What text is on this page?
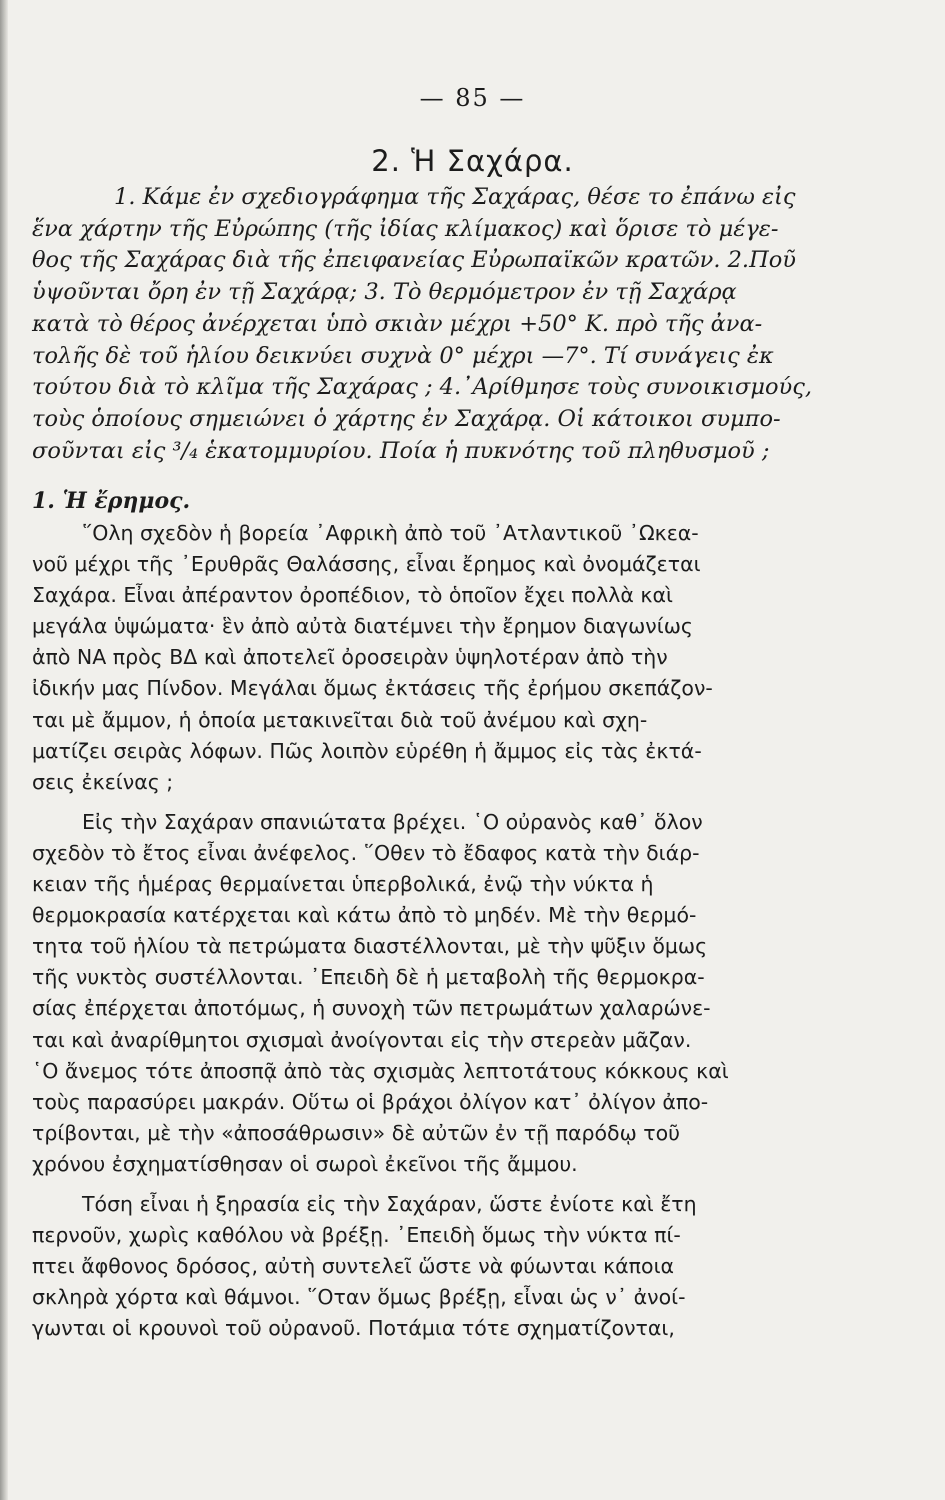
— 85 —
2. Ἡ Σαχάρα.
1. Κάμε ἐν σχεδιογράφημα τῆς Σαχάρας, θέσε το ἐπάνω εἰς
ἕνα χάρτην τῆς Εὐρώπης (τῆς ἰδίας κλίμακος) καὶ ὅρισε τὸ μέγε-
θος τῆς Σαχάρας διὰ τῆς ἐπειφανείας Εὐρωπαϊκῶν κρατῶν. 2.Ποῦ
ὑψοῦνται ὄρη ἐν τῇ Σαχάρᾳ; 3. Τὸ θερμόμετρον ἐν τῇ Σαχάρᾳ
κατὰ τὸ θέρος ἀνέρχεται ὑπὸ σκιὰν μέχρι +50° Κ. πρὸ τῆς ἀνα-
τολῆς δὲ τοῦ ἡλίου δεικνύει συχνὰ 0° μέχρι —7°. Τί συνάγεις ἐκ
τούτου διὰ τὸ κλῖμα τῆς Σαχάρας ; 4.᾽Αρίθμησε τοὺς συνοικισμούς,
τοὺς ὁποίους σημειώνει ὁ χάρτης ἐν Σαχάρᾳ. Οἱ κάτοικοι συμπο-
σοῦνται εἰς ³/₄ ἑκατομμυρίου. Ποία ἡ πυκνότης τοῦ πληθυσμοῦ ;
1. Ἡ ἔρημος.
῞Ολη σχεδὸν ἡ βορεία ᾽Αφρικὴ ἀπὸ τοῦ ᾽Ατλαντικοῦ ᾽Ωκεα-
νοῦ μέχρι τῆς ᾽Ερυθρᾶς Θαλάσσης, εἶναι ἔρημος καὶ ὀνομάζεται
Σαχάρα. Εἶναι ἀπέραντον ὀροπέδιον, τὸ ὁποῖον ἔχει πολλὰ καὶ
μεγάλα ὑψώματα· ἓν ἀπὸ αὐτὰ διατέμνει τὴν ἔρημον διαγωνίως
ἀπὸ ΝΑ πρὸς ΒΔ καὶ ἀποτελεῖ ὀροσειρὰν ὑψηλοτέραν ἀπὸ τὴν
ἰδικήν μας Πίνδον. Μεγάλαι ὅμως ἐκτάσεις τῆς ἐρήμου σκεπάζον-
ται μὲ ἄμμον, ἡ ὁποία μετακινεῖται διὰ τοῦ ἀνέμου καὶ σχη-
ματίζει σειρὰς λόφων. Πῶς λοιπὸν εὑρέθη ἡ ἄμμος εἰς τὰς ἐκτά-
σεις ἐκείνας ;
Εἰς τὴν Σαχάραν σπανιώτατα βρέχει. ῾Ο οὐρανὸς καθ᾽ ὅλον
σχεδὸν τὸ ἔτος εἶναι ἀνέφελος. ῞Οθεν τὸ ἔδαφος κατὰ τὴν διάρ-
κειαν τῆς ἡμέρας θερμαίνεται ὑπερβολικά, ἐνῷ τὴν νύκτα ἡ
θερμοκρασία κατέρχεται καὶ κάτω ἀπὸ τὸ μηδέν. Μὲ τὴν θερμό-
τητα τοῦ ἡλίου τὰ πετρώματα διαστέλλονται, μὲ τὴν ψῦξιν ὅμως
τῆς νυκτὸς συστέλλονται. ᾽Επειδὴ δὲ ἡ μεταβολὴ τῆς θερμοκρα-
σίας ἐπέρχεται ἀποτόμως, ἡ συνοχὴ τῶν πετρωμάτων χαλαρώνε-
ται καὶ ἀναρίθμητοι σχισμαὶ ἀνοίγονται εἰς τὴν στερεὰν μᾶζαν.
῾Ο ἄνεμος τότε ἀποσπᾷ ἀπὸ τὰς σχισμὰς λεπτοτάτους κόκκους καὶ
τοὺς παρασύρει μακράν. Οὕτω οἱ βράχοι ὀλίγον κατ᾽ ὀλίγον ἀπο-
τρίβονται, μὲ τὴν «ἀποσάθρωσιν» δὲ αὐτῶν ἐν τῇ παρόδῳ τοῦ
χρόνου ἐσχηματίσθησαν οἱ σωροὶ ἐκεῖνοι τῆς ἄμμου.
Τόση εἶναι ἡ ξηρασία εἰς τὴν Σαχάραν, ὥστε ἐνίοτε καὶ ἔτη
περνοῦν, χωρὶς καθόλου νὰ βρέξῃ. ᾽Επειδὴ ὅμως τὴν νύκτα πί-
πτει ἄφθονος δρόσος, αὐτὴ συντελεῖ ὥστε νὰ φύωνται κάποια
σκληρὰ χόρτα καὶ θάμνοι. ῞Οταν ὅμως βρέξῃ, εἶναι ὡς ν᾽ ἀνοί-
γωνται οἱ κρουνοὶ τοῦ οὐρανοῦ. Ποτάμια τότε σχηματίζονται,
